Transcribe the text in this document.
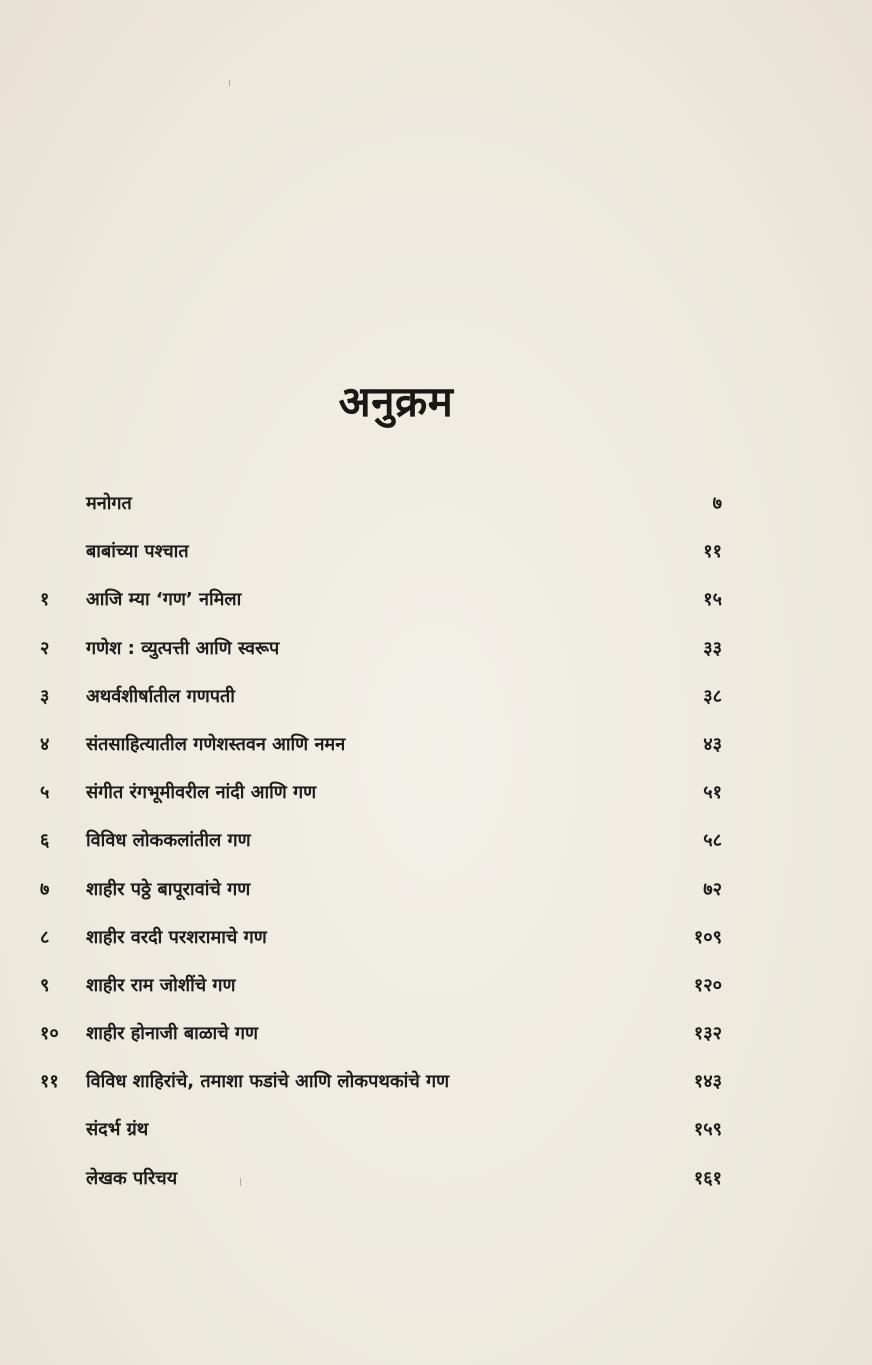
अनुक्रम
मनोगत	७
बाबांच्या पश्चात	११
१	आजि म्या ‘गण’ नमिला	१५
२	गणेश : व्युत्पत्ती आणि स्वरूप	३३
३	अथर्वशीर्षातील गणपती	३८
४	संतसाहित्यातील गणेशस्तवन आणि नमन	४३
५	संगीत रंगभूमीवरील नांदी आणि गण	५१
६	विविध लोककलांतील गण	५८
७	शाहीर पठ्ठे बापूरावांचे गण	७२
८	शाहीर वरदी परशरामाचे गण	१०९
९	शाहीर राम जोशींचे गण	१२०
१०	शाहीर होनाजी बाळाचे गण	१३२
११	विविध शाहिरांचे, तमाशा फडांचे आणि लोकपथकांचे गण	१४३
संदर्भ ग्रंथ	१५९
लेखक परिचय	१६१
